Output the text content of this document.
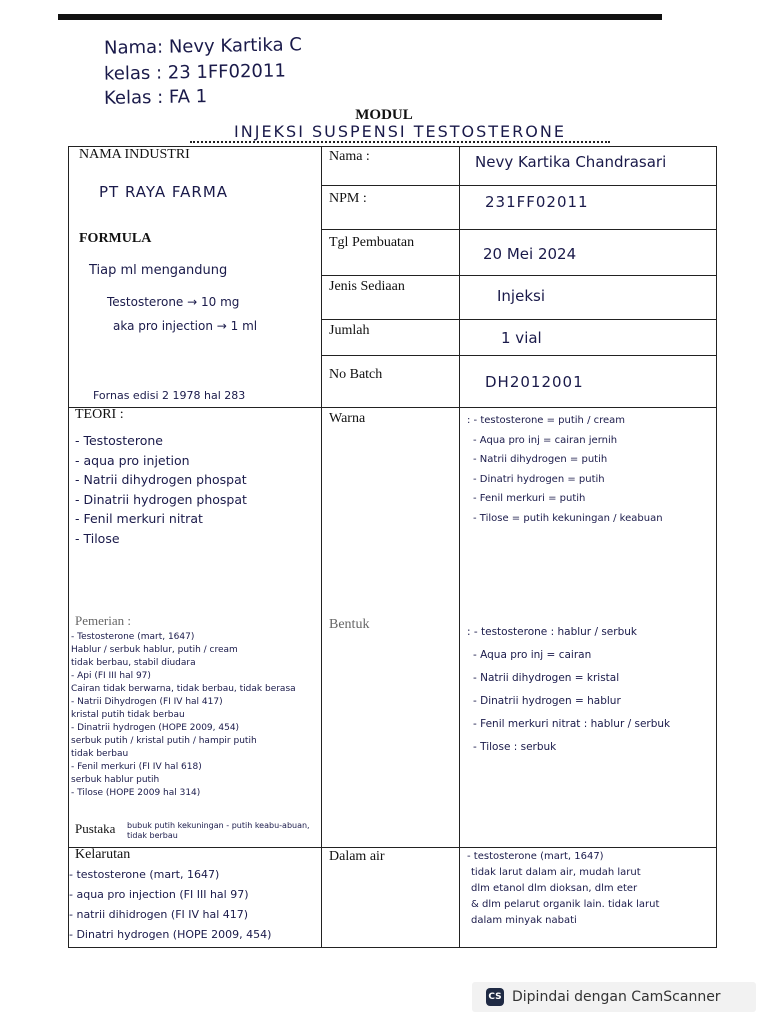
Nama: Nevy Kartika C
kelas : 23 1FF02011
Kelas : FA 1
MODUL
INJEKSI SUSPENSI TESTOSTERONE
NAMA INDUSTRI
PT RAYA FARMA
FORMULA
Tiap ml mengandung
Testosterone → 10 mg
aka pro injection → 1 ml
Fornas edisi 2 1978 hal 283
TEORI :
- Testosterone
- aqua pro injetion
- Natrii dihydrogen phospat
- Dinatrii hydrogen phospat
- Fenil merkuri nitrat
- Tilose
Pemerian :
- Testosterone (mart, 1647)
Hablur / serbuk hablur, putih / cream
tidak berbau, stabil diudara
- Api (FI III hal 97)
Cairan tidak berwarna, tidak berbau, tidak berasa
- Natrii Dihydrogen (FI IV hal 417)
kristal putih tidak berbau
- Dinatrii hydrogen (HOPE 2009, 454)
serbuk putih / kristal putih / hampir putih
tidak berbau
- Fenil merkuri (FI IV hal 618)
serbuk hablur putih
- Tilose (HOPE 2009 hal 314)
Pustaka bubuk putih kekuningan - putih keabu-abuan, tidak berbau
Kelarutan
- testosterone (mart, 1647)
- aqua pro injection (FI III hal 97)
- natrii dihidrogen (FI IV hal 417)
- Dinatri hydrogen (HOPE 2009, 454)
Nama :
NPM :
Tgl Pembuatan
Jenis Sediaan
Jumlah
No Batch
Warna
Bentuk
Dalam air
Nevy Kartika Chandrasari
231FF02011
20 Mei 2024
Injeksi
1 vial
DH2012001
: - testosterone = putih / cream
- Aqua pro inj = cairan jernih
- Natrii dihydrogen = putih
- Dinatri hydrogen = putih
- Fenil merkuri = putih
- Tilose = putih kekuningan / keabuan
: - testosterone : hablur / serbuk
- Aqua pro inj = cairan
- Natrii dihydrogen = kristal
- Dinatrii hydrogen = hablur
- Fenil merkuri nitrat : hablur / serbuk
- Tilose : serbuk
- testosterone (mart, 1647)
tidak larut dalam air, mudah larut
dlm etanol dlm dioksan, dlm eter
& dlm pelarut organik lain. tidak larut
dalam minyak nabati
CS Dipindai dengan CamScanner
